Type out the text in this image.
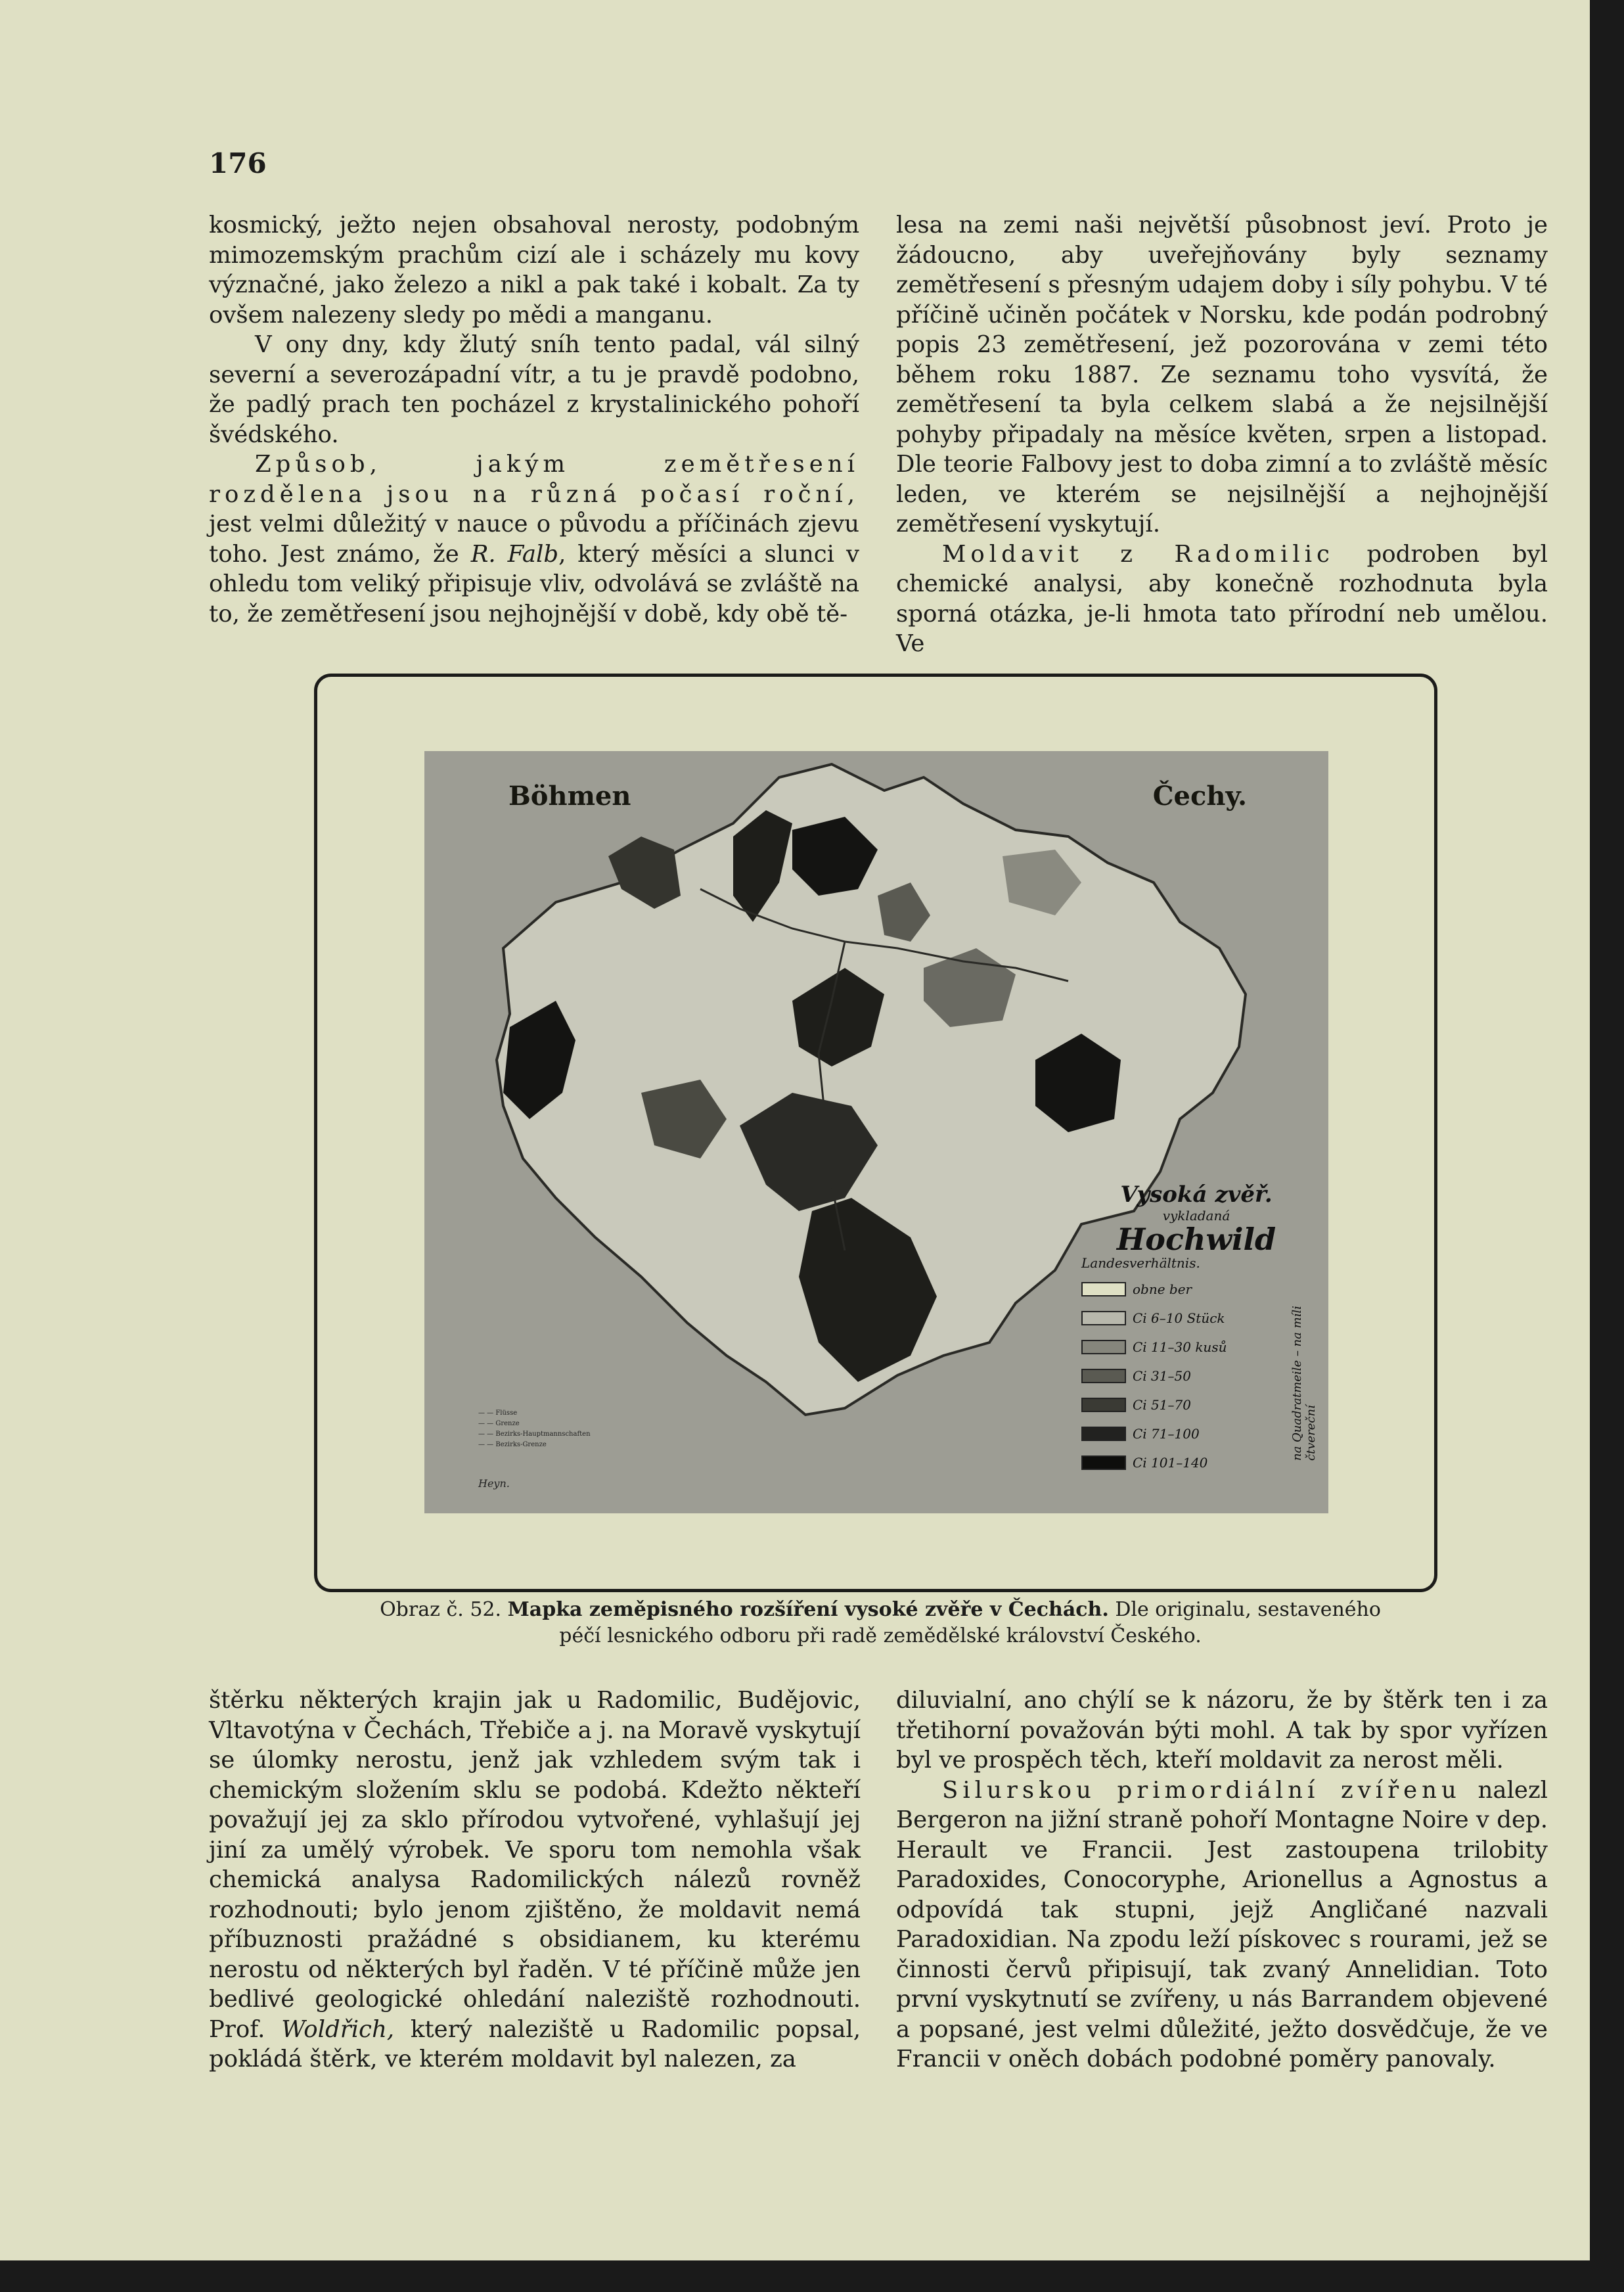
176

kosmický, ježto nejen obsahoval nerosty, podobným mimozemským prachům cizí ale i scházely mu kovy význačné, jako železo a nikl a pak také i kobalt. Za ty ovšem nalezeny sledy po mědi a manganu.

V ony dny, kdy žlutý sníh tento padal, vál silný severní a severozápadní vítr, a tu je pravdě podobno, že padlý prach ten pocházel z krystalinického pohoří švédského.

Způsob, jakým zemětřesení rozdělena jsou na různá počasí roční, jest velmi důležitý v nauce o původu a příčinách zjevu toho. Jest známo, že R. Falb, který měsíci a slunci v ohledu tom veliký připisuje vliv, odvolává se zvláště na to, že zemětřesení jsou nejhojnější v době, kdy obě tě-

lesa na zemi naši největší působnost jeví. Proto je žádoucno, aby uveřejňovány byly seznamy zemětřesení s přesným udajem doby i síly pohybu. V té příčině učiněn počátek v Norsku, kde podán podrobný popis 23 zemětřesení, jež pozorována v zemi této během roku 1887. Ze seznamu toho vysvítá, že zemětřesení ta byla celkem slabá a že nejsilnější pohyby připadaly na měsíce květen, srpen a listopad. Dle teorie Falbovy jest to doba zimní a to zvláště měsíc leden, ve kterém se nejsilnější a nejhojnější zemětřesení vyskytují.

Moldavit z Radomilic podroben byl chemické analysi, aby konečně rozhodnuta byla sporná otázka, je-li hmota tato přírodní neb umělou. Ve

Böhmen	Čechy.
Vysoká zvěř.
vykladaná
Hochwild
Landesverhältnis.
obne ber
Ci 6–10 Stück
Ci 11–30 kusů
Ci 31–50
Ci 51–70
Ci 71–100
Ci 101–140
na Quadratmeile – na míli čtvereční
— — Flüsse
— — Grenze
— — Bezirks-Hauptmannschaften
— — Bezirks-Grenze
Heyn.
Obraz č. 52. Mapka zeměpisného rozšíření vysoké zvěře v Čechách. Dle originalu, sestaveného
péčí lesnického odboru při radě zemědělské království Českého.

štěrku některých krajin jak u Radomilic, Budějovic, Vltavotýna v Čechách, Třebiče a j. na Moravě vyskytují se úlomky nerostu, jenž jak vzhledem svým tak i chemickým složením sklu se podobá. Kdežto někteří považují jej za sklo přírodou vytvořené, vyhlašují jej jiní za umělý výrobek. Ve sporu tom nemohla však chemická analysa Radomilických nálezů rovněž rozhodnouti; bylo jenom zjištěno, že moldavit nemá příbuznosti pražádné s obsidianem, ku kterému nerostu od některých byl řaděn. V té příčině může jen bedlivé geologické ohledání naleziště rozhodnouti. Prof. Woldřich, který naleziště u Radomilic popsal, pokládá štěrk, ve kterém moldavit byl nalezen, za

diluvialní, ano chýlí se k názoru, že by štěrk ten i za třetihorní považován býti mohl. A tak by spor vyřízen byl ve prospěch těch, kteří moldavit za nerost měli.

Silurskou primordiální zvířenu nalezl Bergeron na jižní straně pohoří Montagne Noire v dep. Herault ve Francii. Jest zastoupena trilobity Paradoxides, Conocoryphe, Arionellus a Agnostus a odpovídá tak stupni, jejž Angličané nazvali Paradoxidian. Na zpodu leží pískovec s rourami, jež se činnosti červů připisují, tak zvaný Annelidian. Toto první vyskytnutí se zvířeny, u nás Barrandem objevené a popsané, jest velmi důležité, ježto dosvědčuje, že ve Francii v oněch dobách podobné poměry panovaly.
